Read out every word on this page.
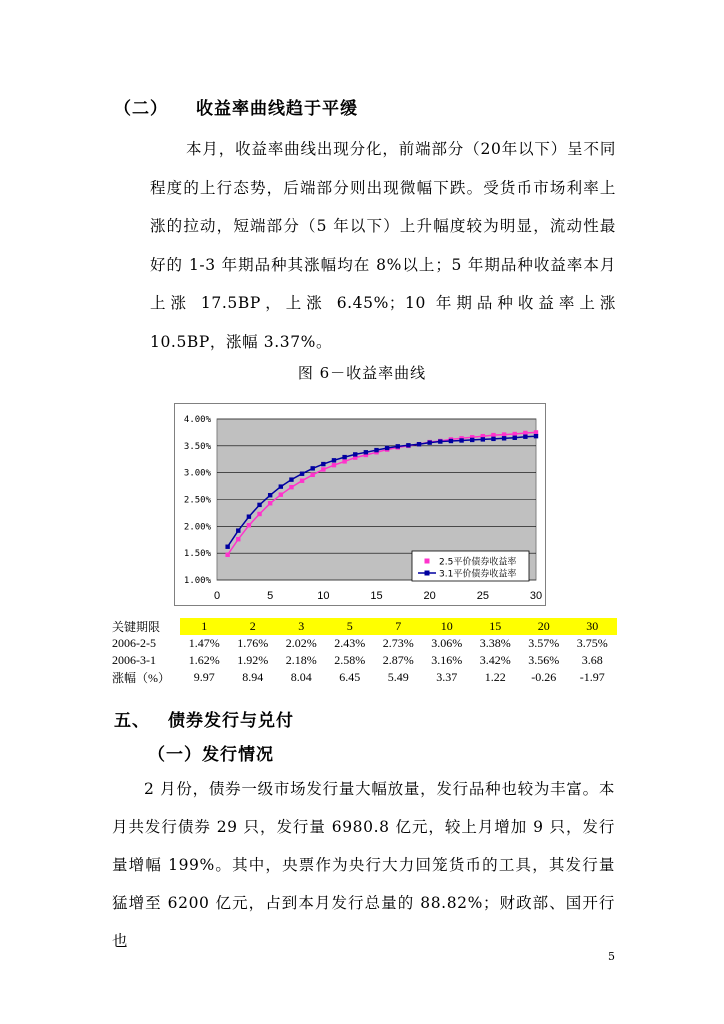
（二） 收益率曲线趋于平缓

本月，收益率曲线出现分化，前端部分（20年以下）呈不同程度的上行态势，后端部分则出现微幅下跌。受货币市场利率上涨的拉动，短端部分（5 年以下）上升幅度较为明显，流动性最好的 1-3 年期品种其涨幅均在 8%以上；5 年期品种收益率本月上涨 17.5BP，上涨 6.45%；10 年期品种收益率上涨 10.5BP，涨幅 3.37%。

图 6－收益率曲线
4.00%
3.50%
3.00%
2.50%
2.00%
1.50%
1.00%
0	5	10	15	20	25	30
2.5平价债券收益率
3.1平价债券收益率
关键期限	1	2	3	5	7	10	15	20	30
2006-2-5	1.47%	1.76%	2.02%	2.43%	2.73%	3.06%	3.38%	3.57%	3.75%
2006-3-1	1.62%	1.92%	2.18%	2.58%	2.87%	3.16%	3.42%	3.56%	3.68
涨幅（%）	9.97	8.94	8.04	6.45	5.49	3.37	1.22	-0.26	-1.97
五、 债券发行与兑付
（一）发行情况

2 月份，债券一级市场发行量大幅放量，发行品种也较为丰富。本月共发行债券 29 只，发行量 6980.8 亿元，较上月增加 9 只，发行量增幅 199%。其中，央票作为央行大力回笼货币的工具，其发行量猛增至 6200 亿元，占到本月发行总量的 88.82%；财政部、国开行也

5
